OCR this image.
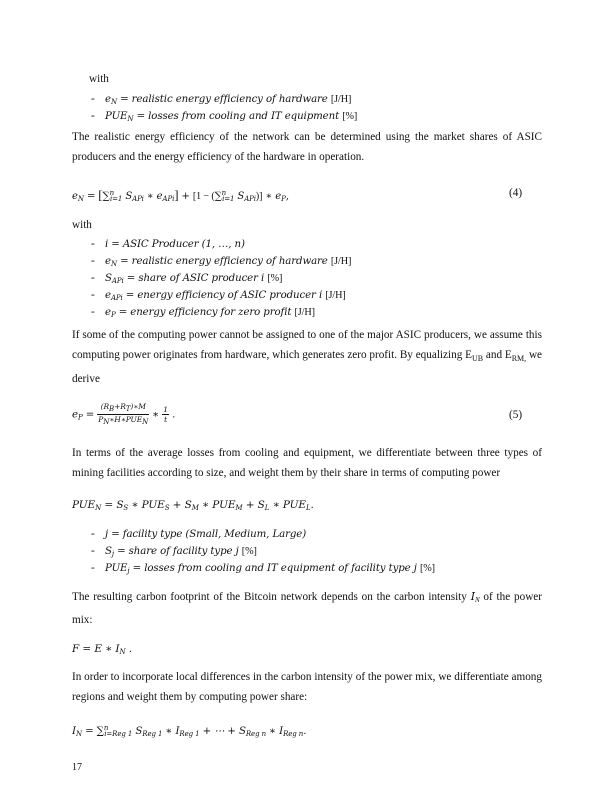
with
- $e_N$ = realistic energy efficiency of hardware [J/H]
- $PUE_N$ = losses from cooling and IT equipment [%]
The realistic energy efficiency of the network can be determined using the market shares of ASIC producers and the energy efficiency of the hardware in operation.
$e_N = [\sum^n_{i=1}$ $S_{APi}$ ∗ $e_{APi}] + [1 - (\sum^n_{i=1}$ $S_{APi}$)] ∗ $e_P$,	(4)
with
- i = ASIC Producer (1, …, n)
- $e_N$ = realistic energy efficiency of hardware [J/H]
- $S_{APi}$ = share of ASIC producer i [%]
- $e_{APi}$ = energy efficiency of ASIC producer i [J/H]
- $e_P$ = energy efficiency for zero profit [J/H]
If some of the computing power cannot be assigned to one of the major ASIC producers, we assume this computing power originates from hardware, which generates zero profit. By equalizing $E_{UB}$ and $E_{RM,}$ we derive
$e_P = \frac{(R_B+R_T)∗M}{P_N∗H∗PUE_N}$ ∗ $\frac{1}{t}$ .	(5)
In terms of the average losses from cooling and equipment, we differentiate between three types of mining facilities according to size, and weight them by their share in terms of computing power
$PUE_N = S_S$ ∗ $PUE_S + S_M$ ∗ $PUE_M + S_L$ ∗ $PUE_L$.
- j = facility type (Small, Medium, Large)
- $S_j$ = share of facility type j [%]
- $PUE_j$ = losses from cooling and IT equipment of facility type j [%]
The resulting carbon footprint of the Bitcoin network depends on the carbon intensity $I_N$ of the power mix:
F = E ∗ $I_N$ .
In order to incorporate local differences in the carbon intensity of the power mix, we differentiate among regions and weight them by computing power share:
$I_N = \sum^n_{i=Reg 1}$ $S_{Reg 1}$ ∗ $I_{Reg 1}$ + ⋯ + $S_{Reg n}$ ∗ $I_{Reg n}$.
17
